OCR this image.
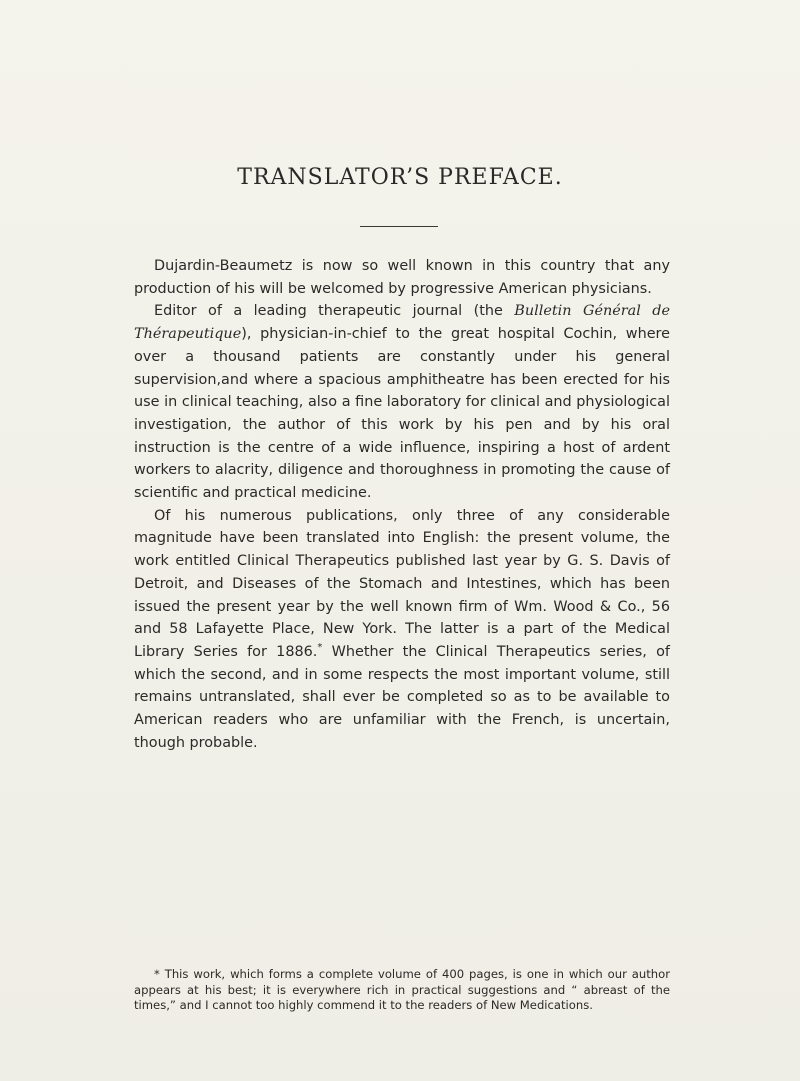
TRANSLATOR’S PREFACE.

Dujardin-Beaumetz is now so well known in this country that any production of his will be welcomed by progressive American physicians.

Editor of a leading therapeutic journal (the Bulletin Général de Thérapeutique), physician-in-chief to the great hospital Cochin, where over a thousand patients are constantly under his general supervision,and where a spacious amphitheatre has been erected for his use in clinical teaching, also a fine laboratory for clinical and physiological investigation, the author of this work by his pen and by his oral instruction is the centre of a wide influence, inspiring a host of ardent workers to alacrity, diligence and thoroughness in promoting the cause of scientific and practical medicine.

Of his numerous publications, only three of any considerable magnitude have been translated into English: the present volume, the work entitled Clinical Therapeutics published last year by G. S. Davis of Detroit, and Diseases of the Stomach and Intestines, which has been issued the present year by the well known firm of Wm. Wood & Co., 56 and 58 Lafayette Place, New York. The latter is a part of the Medical Library Series for 1886.* Whether the Clinical Therapeutics series, of which the second, and in some respects the most important volume, still remains untranslated, shall ever be completed so as to be available to American readers who are unfamiliar with the French, is uncertain, though probable.

* This work, which forms a complete volume of 400 pages, is one in which our author appears at his best; it is everywhere rich in practical suggestions and “ abreast of the times,” and I cannot too highly commend it to the readers of New Medications.
